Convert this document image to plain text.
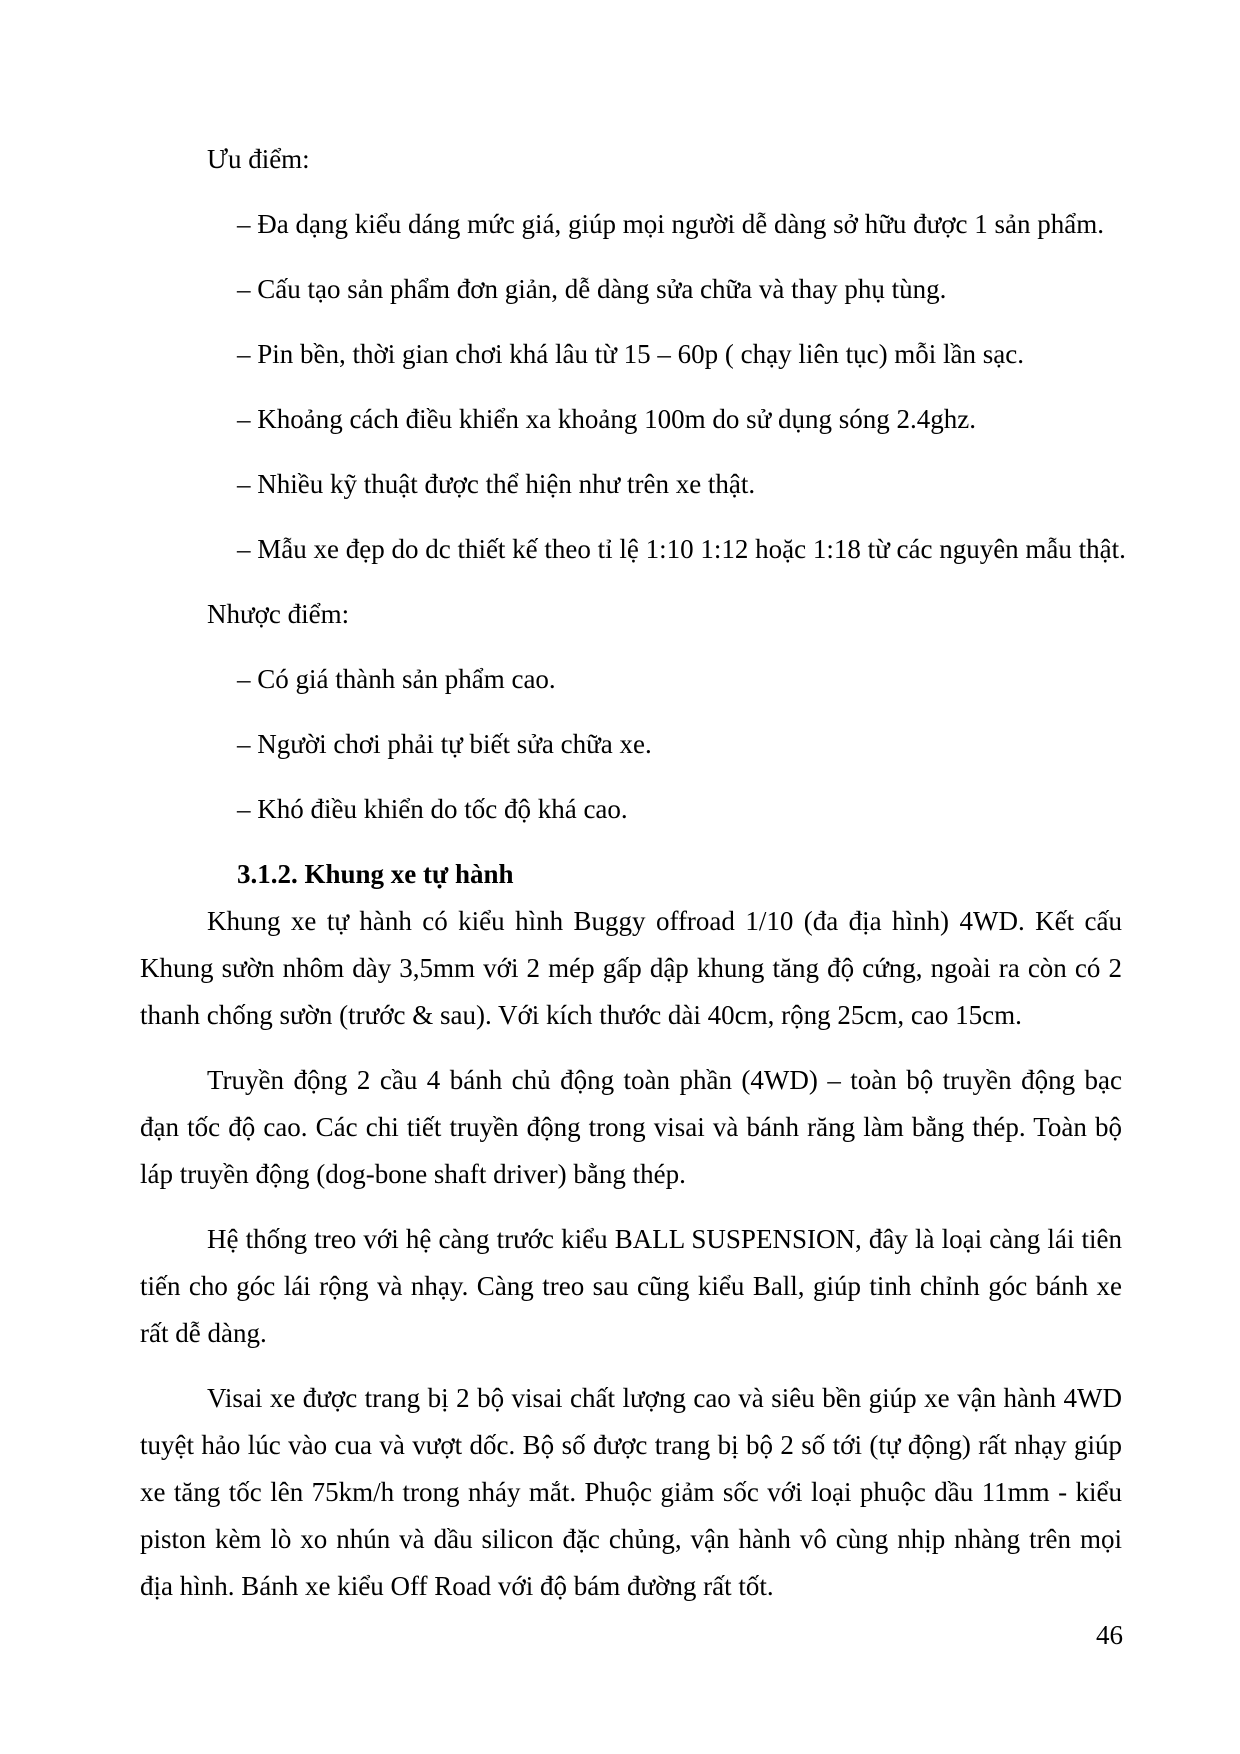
Ưu điểm:
– Đa dạng kiểu dáng mức giá, giúp mọi người dễ dàng sở hữu được 1 sản phẩm.
– Cấu tạo sản phẩm đơn giản, dễ dàng sửa chữa và thay phụ tùng.
– Pin bền, thời gian chơi khá lâu từ 15 – 60p ( chạy liên tục) mỗi lần sạc.
– Khoảng cách điều khiển xa khoảng 100m do sử dụng sóng 2.4ghz.
– Nhiều kỹ thuật được thể hiện như trên xe thật.
– Mẫu xe đẹp do dc thiết kế theo tỉ lệ 1:10 1:12 hoặc 1:18 từ các nguyên mẫu thật.
Nhược điểm:
– Có giá thành sản phẩm cao.
– Người chơi phải tự biết sửa chữa xe.
– Khó điều khiển do tốc độ khá cao.
3.1.2. Khung xe tự hành

Khung xe tự hành có kiểu hình Buggy offroad 1/10 (đa địa hình) 4WD. Kết cấu Khung sườn nhôm dày 3,5mm với 2 mép gấp dập khung tăng độ cứng, ngoài ra còn có 2 thanh chống sườn (trước & sau). Với kích thước dài 40cm, rộng 25cm, cao 15cm.

Truyền động 2 cầu 4 bánh chủ động toàn phần (4WD) – toàn bộ truyền động bạc đạn tốc độ cao. Các chi tiết truyền động trong visai và bánh răng làm bằng thép. Toàn bộ láp truyền động (dog-bone shaft driver) bằng thép.

Hệ thống treo với hệ càng trước kiểu BALL SUSPENSION, đây là loại càng lái tiên tiến cho góc lái rộng và nhạy. Càng treo sau cũng kiểu Ball, giúp tinh chỉnh góc bánh xe rất dễ dàng.

Visai xe được trang bị 2 bộ visai chất lượng cao và siêu bền giúp xe vận hành 4WD tuyệt hảo lúc vào cua và vượt dốc. Bộ số được trang bị bộ 2 số tới (tự động) rất nhạy giúp xe tăng tốc lên 75km/h trong nháy mắt. Phuộc giảm sốc với loại phuộc dầu 11mm - kiểu piston kèm lò xo nhún và dầu silicon đặc chủng, vận hành vô cùng nhịp nhàng trên mọi địa hình. Bánh xe kiểu Off Road với độ bám đường rất tốt.

46
